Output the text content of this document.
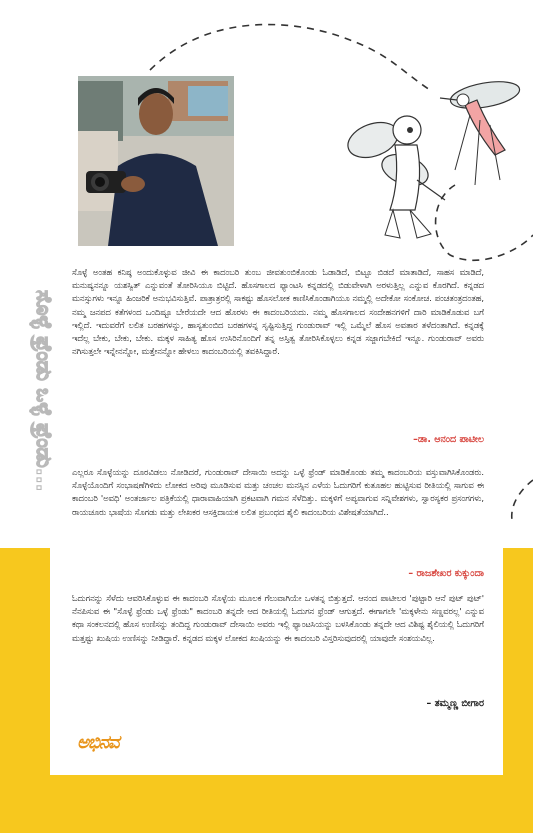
ಸೊಳ್ಳೆ ಫ್ರೆಂಡು ಒಳ್ಳೆ ಫ್ರೆಂಡು...
ಸೊಳ್ಳೆ ಅಂತಹ ಕನಿಷ್ಠ ಅಂದುಕೊಳ್ಳುವ ಜೀವಿ ಈ ಕಾದಂಬರಿ ತುಂಬ ಜೀವತುಂಬಿಕೊಂಡು ಓಡಾಡಿದೆ, ಬಿಟ್ಟೂ ಬಿಡದೆ ಮಾತಾಡಿದೆ, ಸಾಹಸ ಮಾಡಿದೆ, ಮನುಷ್ಯನನ್ನೂ ಯಶಸ್ವಿತ್ ಎನ್ನುವಂತೆ ತೋರಿಸಿಯೂ ಬಿಟ್ಟಿದೆ. ಹೊಸಗಾಲದ ಫ್ಯಾಂಟಸಿ ಕನ್ನಡದಲ್ಲಿ ಬಿಡುವೇಳಾಗಿ ಅರಳುತ್ತಿಲ್ಲ ಎನ್ನುವ ಕೊರಗಿದೆ. ಕನ್ನಡದ ಮನಸ್ಸುಗಳು ಇನ್ನೂ ಹಿಂಜರಿಕೆ ಅನುಭವಿಸುತ್ತಿವೆ. ಪಾತ್ರಾತ್ರರಲ್ಲಿ ಸಾಕಷ್ಟು ಹೊಸಲೋಕ ಕಾಣಿಸಿಕೊಂಡಾಗಿಯೂ ನಮ್ಮಲ್ಲಿ ಅದೇಕೋ ಸಂಕೋಚ. ಪಂಚತಂತ್ರದಂತಹ, ನಮ್ಮ ಜನಪದ ಕತೆಗಳಂದ ಒಂದಿಷ್ಟೂ ಬೇರೆಯದೇ ಆದ ಹೊರಳು ಈ ಕಾದಂಬರಿಯದು. ನಮ್ಮ ಹೊಸಗಾಲದ ಸಂದೇಹನಗಳಿಗೆ ದಾರಿ ಮಾಡಿಕೊಡುವ ಬಗೆ ಇಲ್ಲಿದೆ. ಇದುವರೆಗೆ ಲಲಿತ ಬರಹಗಳನ್ನು, ಹಾಸ್ಯತುಂಬಿದ ಬರಹಗಳನ್ನ ಸೃಷ್ಟಿಸುತ್ತಿದ್ದ ಗುಂಡುರಾವ್ ಇಲ್ಲಿ ಒಮ್ಮೆಲೆ ಹೊಸ ಅವತಾರ ತಳೆದಂತಾಗಿದೆ. ಕನ್ನಡಕ್ಕೆ ಇದೆಲ್ಲ ಬೇಕು, ಬೇಕು, ಬೇಕು. ಮಕ್ಕಳ ಸಾಹಿತ್ಯ ಹೊಸ ಉಸಿರಿನೊಂದಿಗೆ ತನ್ನ ಅಸ್ತಿತ್ವ ತೋರಿಸಿಕೊಳ್ಳಲು ಕನ್ನಡ ಸಜ್ಜಾಗಬೇಕಿದೆ ಇನ್ನೂ. ಗುಂಡುರಾವ್ ಅವರು ನಗಿಸುತ್ತಲೇ ಇನ್ನೇನನ್ನೋ, ಮತ್ತೇನನ್ನೋ ಹೇಳಲು ಕಾದಂಬರಿಯಲ್ಲಿ ತವಕಿಸಿದ್ದಾರೆ.
–ಡಾ. ಆನಂದ ಪಾಟೀಲ
ಎಲ್ಲರೂ ಸೊಳ್ಳೆಯನ್ನು ದೂರವಿಡಲು ನೋಡಿದರೆ, ಗುಂಡುರಾವ್ ದೇಸಾಯಿ ಅದನ್ನು ಒಳ್ಳೆ ಫ್ರೆಂಡ್ ಮಾಡಿಕೊಂಡು ತಮ್ಮ ಕಾದಂಬರಿಯ ವಸ್ತುವಾಗಿಸಿಕೊಂಡರು. ಸೊಳ್ಳೆಯೊಂದಿಗೆ ಸಂಭಾಷಣೆಗಿಳಿದು ಲೋಕದ ಅರಿವು ಮೂಡಿಸುವ ಮತ್ತು ಚಂಚಲ ಮನಸ್ಸಿನ ಎಳೆಯ ಓದುಗರಿಗೆ ಕುತೂಹಲ ಹುಟ್ಟಿಸುವ ರೀತಿಯಲ್ಲಿ ಸಾಗುವ ಈ ಕಾದಂಬರಿ 'ಅವಧಿ' ಅಂತರ್ಜಾಲ ಪತ್ರಿಕೆಯಲ್ಲಿ ಧಾರಾವಾಹಿಯಾಗಿ ಪ್ರಕಟವಾಗಿ ಗಮನ ಸೆಳೆದಿತ್ತು. ಮಕ್ಕಳಿಗೆ ಅಪ್ಯವಾಗುವ ಸನ್ನಿವೇಶಗಳು, ಸ್ವಾರಸ್ಯಕರ ಪ್ರಸಂಗಗಳು, ರಾಯಚೂರು ಭಾಷೆಯ ಸೊಗಡು ಮತ್ತು ಲೇಖಕರ ಆಸಕ್ತಿದಾಯಕ ಲಲಿತ ಪ್ರಬಂಧದ ಶೈಲಿ ಕಾದಂಬರಿಯ ವಿಶೇಷತೆಯಾಗಿದೆ..
– ರಾಜಶೇಖರ ಕುಕ್ಕುಂದಾ
ಓದುಗನನ್ನು ಸೆಳೆದು ಆವರಿಸಿಕೊಳ್ಳುವ ಈ ಕಾದಂಬರಿ ಸೊಳ್ಳೆಯ ಮೂಲಕ ಗೆಲುವಾಗಿಯೇ ಒಳತನ್ನ ಬಿತ್ತುತ್ತದೆ. ಆನಂದ ಪಾಟೀಲರ 'ಪುಟ್ಟಾರಿ ಆನೆ ಪುಟ್ ಪುಟ್' ನೆನಪಿಸುವ ಈ "ಸೊಳ್ಳೆ ಫ್ರೆಂಡು ಒಳ್ಳೆ ಫ್ರೆಂಡು" ಕಾದಂಬರಿ ತನ್ನದೇ ಆದ ರೀತಿಯಲ್ಲಿ ಓದುಗನ ಫ್ರೆಂಡ್ ಆಗುತ್ತದೆ. ಈಗಾಗಲೇ 'ಮಕ್ಕಳೇನು ಸಣ್ಣವರಲ್ಲ' ಎನ್ನುವ ಕಥಾ ಸಂಕಲನದಲ್ಲಿ ಹೊಸ ಉಣಿಸನ್ನು ತಂದಿದ್ದ ಗುಂಡುರಾವ್ ದೇಸಾಯಿ ಅವರು ಇಲ್ಲಿ ಫ್ಯಾಂಟಸಿಯನ್ನು ಬಳಸಿಕೊಂಡು ತನ್ನದೇ ಆದ ವಿಶಿಷ್ಟ ಶೈಲಿಯಲ್ಲಿ ಓದುಗರಿಗೆ ಮತ್ತಷ್ಟು ಖುಷಿಯ ಉಣಿಸನ್ನು ನೀಡಿದ್ದಾರೆ. ಕನ್ನಡದ ಮಕ್ಕಳ ಲೋಕದ ಖುಷಿಯನ್ನು ಈ ಕಾದಂಬರಿ ವಿಸ್ತರಿಸುವುದರಲ್ಲಿ ಯಾವುದೇ ಸಂಶಯವಿಲ್ಲ.
– ತಮ್ಮಣ್ಣ ಬೀಗಾರ
ಅಭಿನವ
